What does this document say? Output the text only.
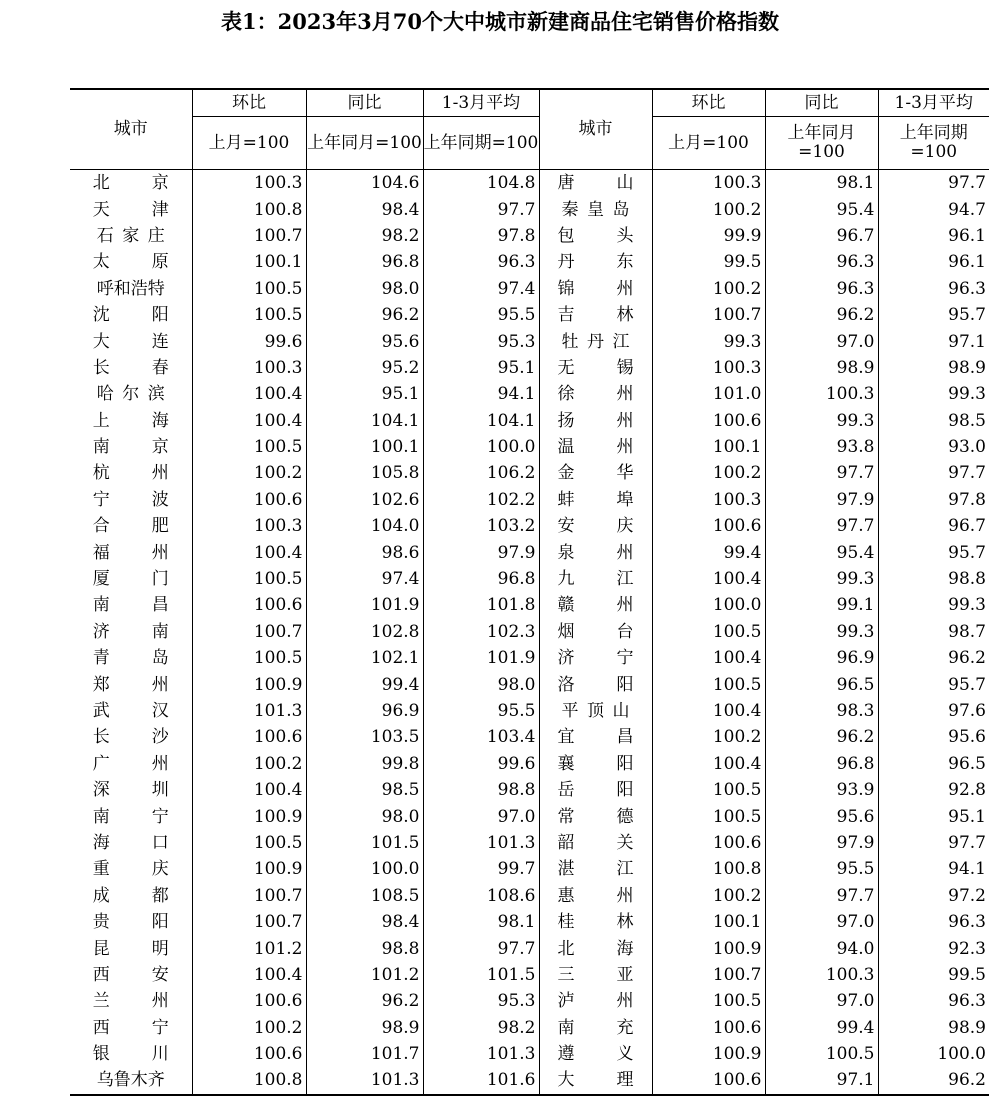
表1：2023年3月70个大中城市新建商品住宅销售价格指数
城市	环比	同比	1-3月平均	城市	环比	同比	1-3月平均
	上月=100	上年同月=100	上年同期=100		上月=100	上年同月=100	上年同期=100
北 京	100.3	104.6	104.8	唐 山	100.3	98.1	97.7
天 津	100.8	98.4	97.7	秦皇岛	100.2	95.4	94.7
石家庄	100.7	98.2	97.8	包 头	99.9	96.7	96.1
太 原	100.1	96.8	96.3	丹 东	99.5	96.3	96.1
呼和浩特	100.5	98.0	97.4	锦 州	100.2	96.3	96.3
沈 阳	100.5	96.2	95.5	吉 林	100.7	96.2	95.7
大 连	99.6	95.6	95.3	牡丹江	99.3	97.0	97.1
长 春	100.3	95.2	95.1	无 锡	100.3	98.9	98.9
哈尔滨	100.4	95.1	94.1	徐 州	101.0	100.3	99.3
上 海	100.4	104.1	104.1	扬 州	100.6	99.3	98.5
南 京	100.5	100.1	100.0	温 州	100.1	93.8	93.0
杭 州	100.2	105.8	106.2	金 华	100.2	97.7	97.7
宁 波	100.6	102.6	102.2	蚌 埠	100.3	97.9	97.8
合 肥	100.3	104.0	103.2	安 庆	100.6	97.7	96.7
福 州	100.4	98.6	97.9	泉 州	99.4	95.4	95.7
厦 门	100.5	97.4	96.8	九 江	100.4	99.3	98.8
南 昌	100.6	101.9	101.8	赣 州	100.0	99.1	99.3
济 南	100.7	102.8	102.3	烟 台	100.5	99.3	98.7
青 岛	100.5	102.1	101.9	济 宁	100.4	96.9	96.2
郑 州	100.9	99.4	98.0	洛 阳	100.5	96.5	95.7
武 汉	101.3	96.9	95.5	平顶山	100.4	98.3	97.6
长 沙	100.6	103.5	103.4	宜 昌	100.2	96.2	95.6
广 州	100.2	99.8	99.6	襄 阳	100.4	96.8	96.5
深 圳	100.4	98.5	98.8	岳 阳	100.5	93.9	92.8
南 宁	100.9	98.0	97.0	常 德	100.5	95.6	95.1
海 口	100.5	101.5	101.3	韶 关	100.6	97.9	97.7
重 庆	100.9	100.0	99.7	湛 江	100.8	95.5	94.1
成 都	100.7	108.5	108.6	惠 州	100.2	97.7	97.2
贵 阳	100.7	98.4	98.1	桂 林	100.1	97.0	96.3
昆 明	101.2	98.8	97.7	北 海	100.9	94.0	92.3
西 安	100.4	101.2	101.5	三 亚	100.7	100.3	99.5
兰 州	100.6	96.2	95.3	泸 州	100.5	97.0	96.3
西 宁	100.2	98.9	98.2	南 充	100.6	99.4	98.9
银 川	100.6	101.7	101.3	遵 义	100.9	100.5	100.0
乌鲁木齐	100.8	101.3	101.6	大 理	100.6	97.1	96.2
